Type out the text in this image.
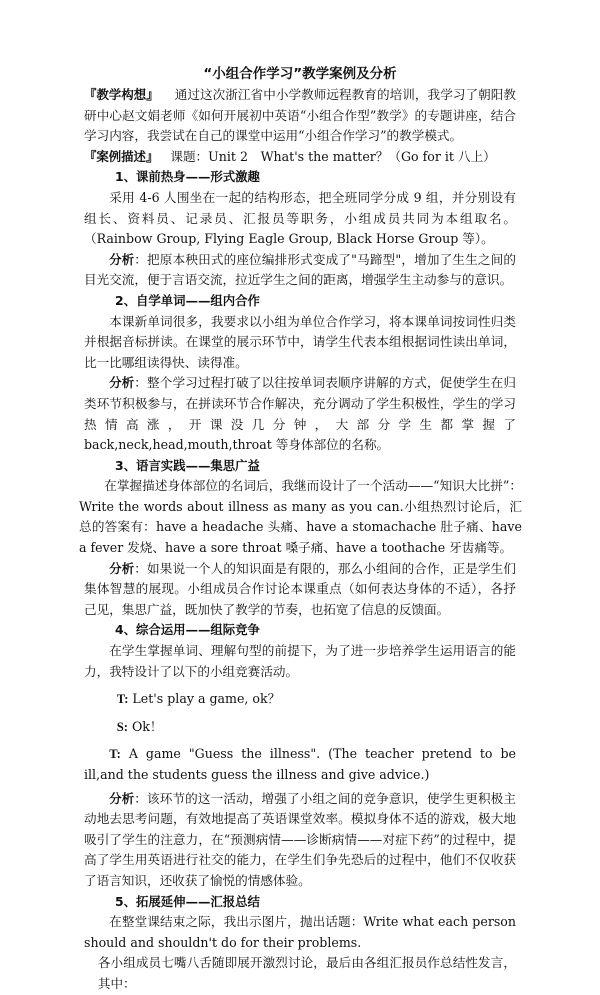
“小组合作学习”教学案例及分析

『教学构想』 通过这次浙江省中小学教师远程教育的培训，我学习了朝阳教研中心赵文娟老师《如何开展初中英语“小组合作型”教学》的专题讲座，结合学习内容，我尝试在自己的课堂中运用“小组合作学习”的教学模式。

『案例描述』 课题：Unit 2　What's the matter？（Go for it 八上）

1、课前热身——形式激趣

采用 4-6 人围坐在一起的结构形态，把全班同学分成 9 组，并分别设有组长、资料员、记录员、汇报员等职务，小组成员共同为本组取名。（Rainbow Group, Flying Eagle Group, Black Horse Group 等）。

分析：把原本秧田式的座位编排形式变成了"马蹄型"，增加了生生之间的目光交流，便于言语交流，拉近学生之间的距离，增强学生主动参与的意识。

2、自学单词——组内合作

本课新单词很多，我要求以小组为单位合作学习，将本课单词按词性归类并根据音标拼读。在课堂的展示环节中，请学生代表本组根据词性读出单词，比一比哪组读得快、读得准。

分析：整个学习过程打破了以往按单词表顺序讲解的方式，促使学生在归类环节积极参与，在拼读环节合作解决，充分调动了学生积极性，学生的学习热情高涨，开课没几分钟，大部分学生都掌握了 back,neck,head,mouth,throat 等身体部位的名称。

3、语言实践——集思广益

在掌握描述身体部位的名词后，我继而设计了一个活动——“知识大比拼”：Write the words about illness as many as you can.小组热烈讨论后，汇总的答案有：have a headache 头痛、have a stomachache 肚子痛、have a fever 发烧、have a sore throat 嗓子痛、have a toothache 牙齿痛等。

分析：如果说一个人的知识面是有限的，那么小组间的合作，正是学生们集体智慧的展现。小组成员合作讨论本课重点（如何表达身体的不适），各抒己见，集思广益，既加快了教学的节奏，也拓宽了信息的反馈面。

4、综合运用——组际竞争

在学生掌握单词、理解句型的前提下，为了进一步培养学生运用语言的能力，我特设计了以下的小组竞赛活动。

T: Let's play a game, ok？

S: Ok！

T: A game "Guess the illness". (The teacher pretend to be ill,and the students guess the illness and give advice.)

分析：该环节的这一活动，增强了小组之间的竞争意识，使学生更积极主动地去思考问题，有效地提高了英语课堂效率。模拟身体不适的游戏，极大地吸引了学生的注意力，在“预测病情——诊断病情——对症下药”的过程中，提高了学生用英语进行社交的能力，在学生们争先恐后的过程中，他们不仅收获了语言知识，还收获了愉悦的情感体验。

5、拓展延伸——汇报总结

在整堂课结束之际，我出示图片，抛出话题：Write what each person should and shouldn't do for their problems.

各小组成员七嘴八舌随即展开激烈讨论，最后由各组汇报员作总结性发言，其中：
